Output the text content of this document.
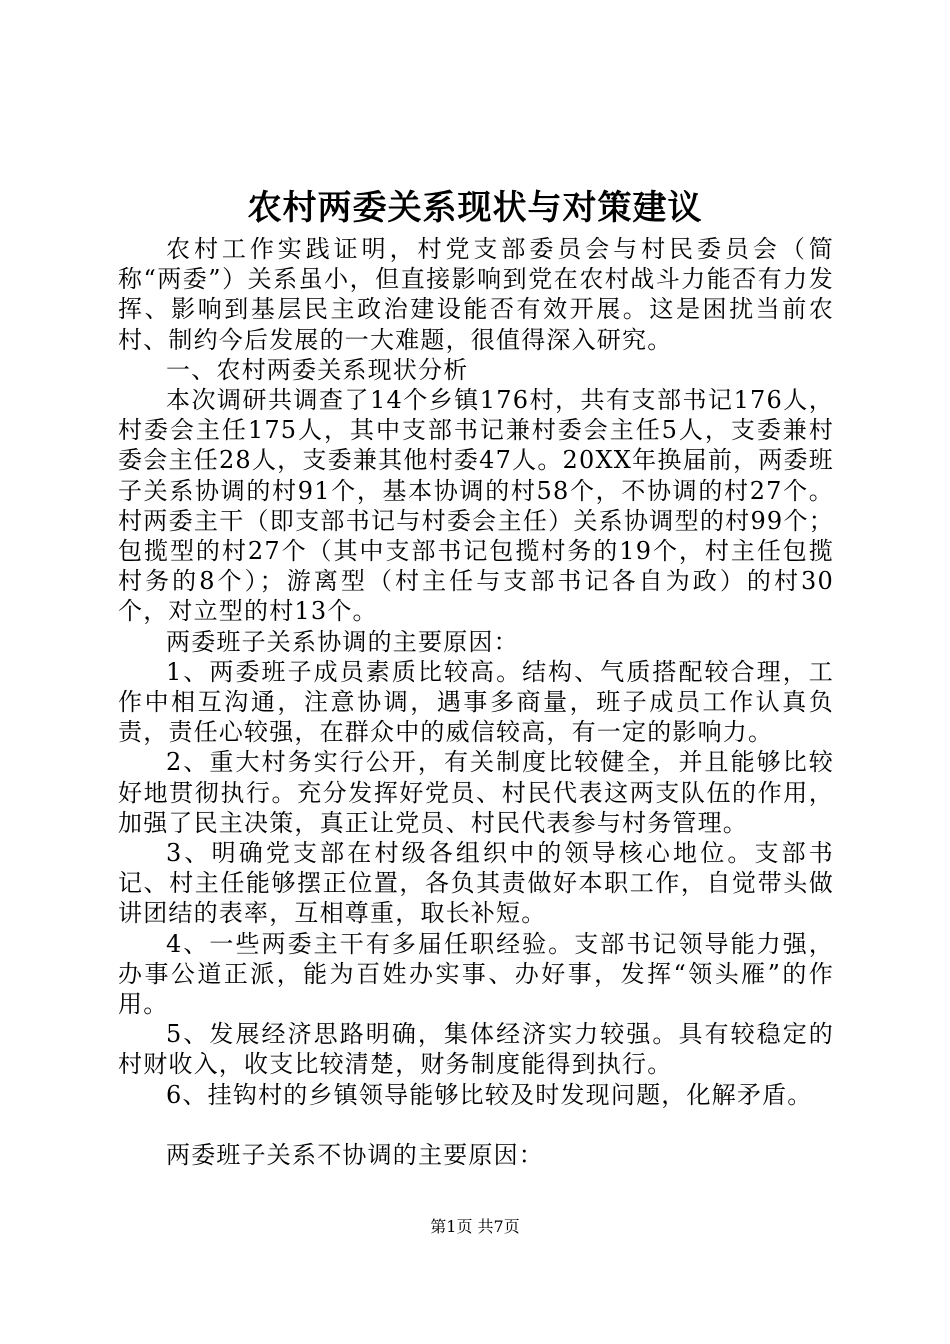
农村两委关系现状与对策建议

农村工作实践证明，村党支部委员会与村民委员会（简称“两委”）关系虽小，但直接影响到党在农村战斗力能否有力发挥、影响到基层民主政治建设能否有效开展。这是困扰当前农村、制约今后发展的一大难题，很值得深入研究。

一、农村两委关系现状分析

本次调研共调查了14个乡镇176村，共有支部书记176人，村委会主任175人，其中支部书记兼村委会主任5人，支委兼村委会主任28人，支委兼其他村委47人。20XX年换届前，两委班子关系协调的村91个，基本协调的村58个，不协调的村27个。村两委主干（即支部书记与村委会主任）关系协调型的村99个；包揽型的村27个（其中支部书记包揽村务的19个，村主任包揽村务的8个）；游离型（村主任与支部书记各自为政）的村30个，对立型的村13个。

两委班子关系协调的主要原因：

1、两委班子成员素质比较高。结构、气质搭配较合理，工作中相互沟通，注意协调，遇事多商量，班子成员工作认真负责，责任心较强，在群众中的威信较高，有一定的影响力。

2、重大村务实行公开，有关制度比较健全，并且能够比较好地贯彻执行。充分发挥好党员、村民代表这两支队伍的作用，加强了民主决策，真正让党员、村民代表参与村务管理。

3、明确党支部在村级各组织中的领导核心地位。支部书记、村主任能够摆正位置，各负其责做好本职工作，自觉带头做讲团结的表率，互相尊重，取长补短。

4、一些两委主干有多届任职经验。支部书记领导能力强，办事公道正派，能为百姓办实事、办好事，发挥“领头雁”的作用。

5、发展经济思路明确，集体经济实力较强。具有较稳定的村财收入，收支比较清楚，财务制度能得到执行。

6、挂钩村的乡镇领导能够比较及时发现问题，化解矛盾。

两委班子关系不协调的主要原因：

第1页 共7页
